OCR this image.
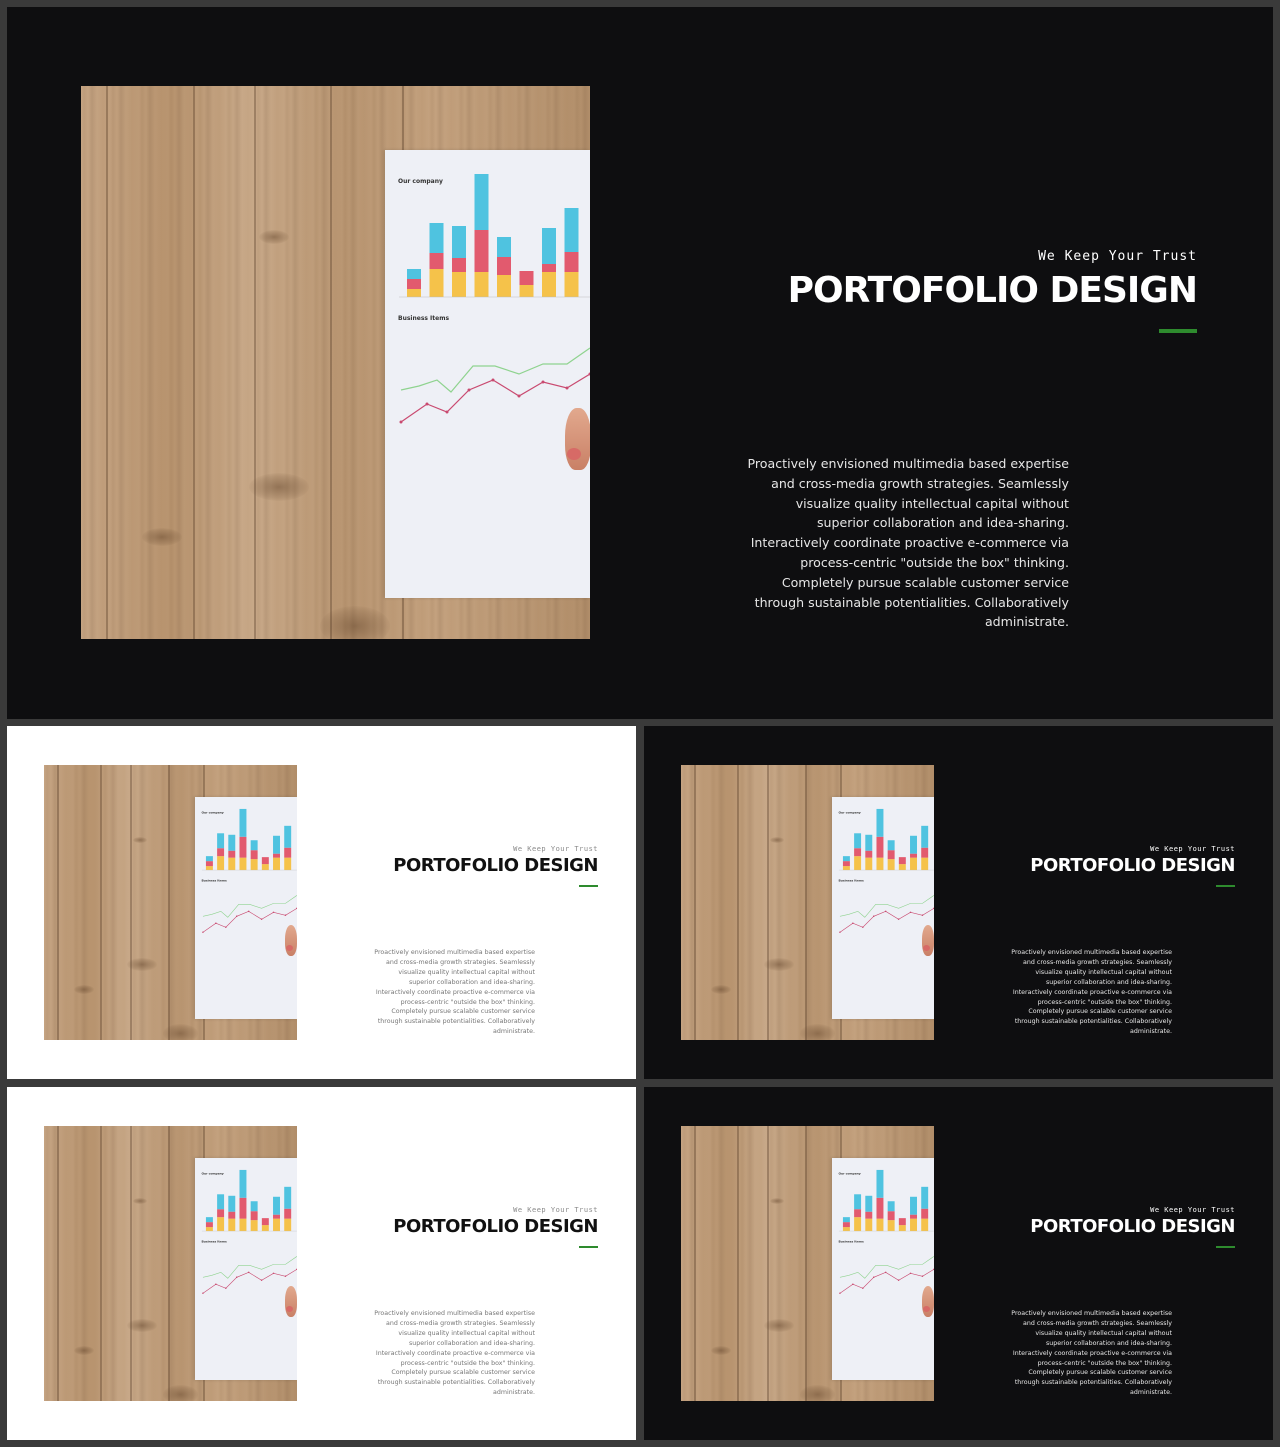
Our company
Business Items
We Keep Your Trust
PORTOFOLIO DESIGN
Proactively envisioned multimedia based expertise
and cross-media growth strategies. Seamlessly
visualize quality intellectual capital without
superior collaboration and idea-sharing.
Interactively coordinate proactive e-commerce via
process-centric "outside the box" thinking.
Completely pursue scalable customer service
through sustainable potentialities. Collaboratively
administrate.
Our company
Business Items
We Keep Your Trust
PORTOFOLIO DESIGN
Proactively envisioned multimedia based expertise
and cross-media growth strategies. Seamlessly
visualize quality intellectual capital without
superior collaboration and idea-sharing.
Interactively coordinate proactive e-commerce via
process-centric "outside the box" thinking.
Completely pursue scalable customer service
through sustainable potentialities. Collaboratively
administrate.
Our company
Business Items
We Keep Your Trust
PORTOFOLIO DESIGN
Proactively envisioned multimedia based expertise
and cross-media growth strategies. Seamlessly
visualize quality intellectual capital without
superior collaboration and idea-sharing.
Interactively coordinate proactive e-commerce via
process-centric "outside the box" thinking.
Completely pursue scalable customer service
through sustainable potentialities. Collaboratively
administrate.
Our company
Business Items
We Keep Your Trust
PORTOFOLIO DESIGN
Proactively envisioned multimedia based expertise
and cross-media growth strategies. Seamlessly
visualize quality intellectual capital without
superior collaboration and idea-sharing.
Interactively coordinate proactive e-commerce via
process-centric "outside the box" thinking.
Completely pursue scalable customer service
through sustainable potentialities. Collaboratively
administrate.
Our company
Business Items
We Keep Your Trust
PORTOFOLIO DESIGN
Proactively envisioned multimedia based expertise
and cross-media growth strategies. Seamlessly
visualize quality intellectual capital without
superior collaboration and idea-sharing.
Interactively coordinate proactive e-commerce via
process-centric "outside the box" thinking.
Completely pursue scalable customer service
through sustainable potentialities. Collaboratively
administrate.
